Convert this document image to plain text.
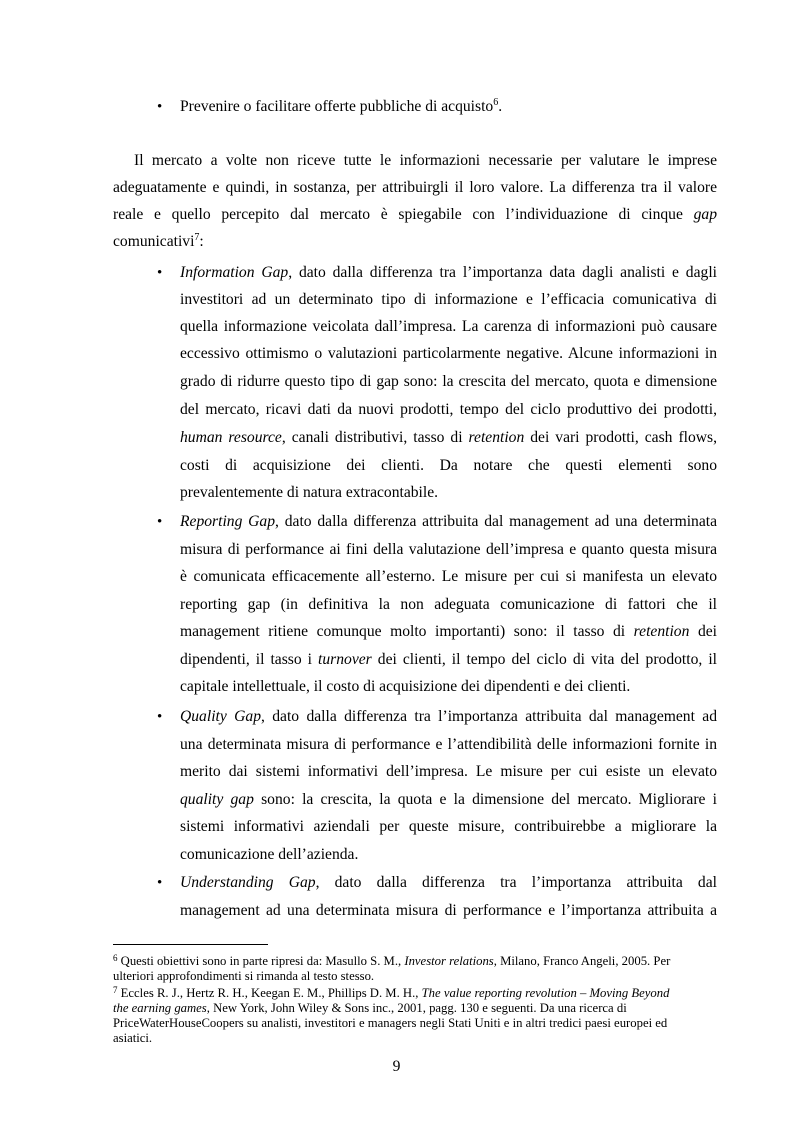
• Prevenire o facilitare offerte pubbliche di acquisto$^6$.
Il mercato a volte non riceve tutte le informazioni necessarie per valutare le imprese
adeguatamente e quindi, in sostanza, per attribuirgli il loro valore. La differenza tra il valore
reale e quello percepito dal mercato è spiegabile con l’individuazione di cinque gap
comunicativi$^7$:
• Information Gap, dato dalla differenza tra l’importanza data dagli analisti e dagli
investitori ad un determinato tipo di informazione e l’efficacia comunicativa di
quella informazione veicolata dall’impresa. La carenza di informazioni può causare
eccessivo ottimismo o valutazioni particolarmente negative. Alcune informazioni in
grado di ridurre questo tipo di gap sono: la crescita del mercato, quota e dimensione
del mercato, ricavi dati da nuovi prodotti, tempo del ciclo produttivo dei prodotti,
human resource, canali distributivi, tasso di retention dei vari prodotti, cash flows,
costi di acquisizione dei clienti. Da notare che questi elementi sono
prevalentemente di natura extracontabile.
• Reporting Gap, dato dalla differenza attribuita dal management ad una determinata
misura di performance ai fini della valutazione dell’impresa e quanto questa misura
è comunicata efficacemente all’esterno. Le misure per cui si manifesta un elevato
reporting gap (in definitiva la non adeguata comunicazione di fattori che il
management ritiene comunque molto importanti) sono: il tasso di retention dei
dipendenti, il tasso i turnover dei clienti, il tempo del ciclo di vita del prodotto, il
capitale intellettuale, il costo di acquisizione dei dipendenti e dei clienti.
• Quality Gap, dato dalla differenza tra l’importanza attribuita dal management ad
una determinata misura di performance e l’attendibilità delle informazioni fornite in
merito dai sistemi informativi dell’impresa. Le misure per cui esiste un elevato
quality gap sono: la crescita, la quota e la dimensione del mercato. Migliorare i
sistemi informativi aziendali per queste misure, contribuirebbe a migliorare la
comunicazione dell’azienda.
• Understanding Gap, dato dalla differenza tra l’importanza attribuita dal
management ad una determinata misura di performance e l’importanza attribuita a
$^6$ Questi obiettivi sono in parte ripresi da: Masullo S. M., Investor relations, Milano, Franco Angeli, 2005. Per
ulteriori approfondimenti si rimanda al testo stesso.
$^7$ Eccles R. J., Hertz R. H., Keegan E. M., Phillips D. M. H., The value reporting revolution – Moving Beyond
the earning games, New York, John Wiley & Sons inc., 2001, pagg. 130 e seguenti. Da una ricerca di
PriceWaterHouseCoopers su analisti, investitori e managers negli Stati Uniti e in altri tredici paesi europei ed
asiatici.
9
